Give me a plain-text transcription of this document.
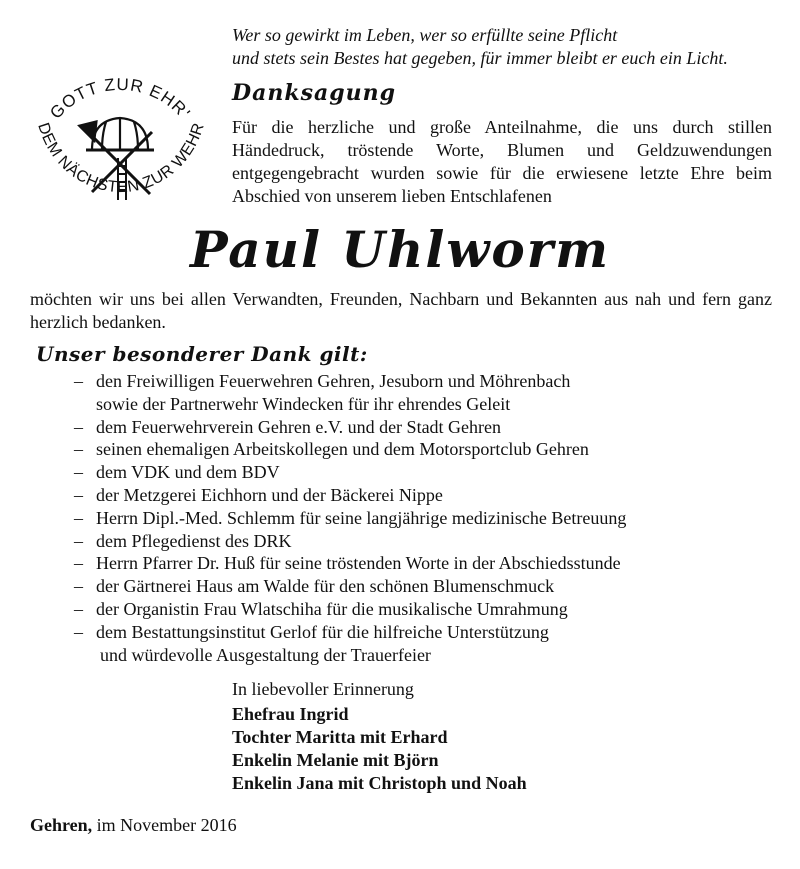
GOTT ZUR EHR'
DEM NÄCHSTEN ZUR WEHR
Wer so gewirkt im Leben, wer so erfüllte seine Pflicht
und stets sein Bestes hat gegeben, für immer bleibt er euch ein Licht.
Danksagung

Für die herzliche und große Anteilnahme, die uns durch stillen Händedruck, tröstende Worte, Blumen und Geldzuwendungen entgegengebracht wurden sowie für die erwiesene letzte Ehre beim Abschied von unserem lieben Entschlafenen

Paul Uhlworm
möchten wir uns bei allen Verwandten, Freunden, Nachbarn und Bekannten aus nah und fern ganz herzlich bedanken.
Unser besonderer Dank gilt:
– den Freiwilligen Feuerwehren Gehren, Jesuborn und Möhrenbach
sowie der Partnerwehr Windecken für ihr ehrendes Geleit
– dem Feuerwehrverein Gehren e.V. und der Stadt Gehren
– seinen ehemaligen Arbeitskollegen und dem Motorsportclub Gehren
– dem VDK und dem BDV
– der Metzgerei Eichhorn und der Bäckerei Nippe
– Herrn Dipl.-Med. Schlemm für seine langjährige medizinische Betreuung
– dem Pflegedienst des DRK
– Herrn Pfarrer Dr. Huß für seine tröstenden Worte in der Abschiedsstunde
– der Gärtnerei Haus am Walde für den schönen Blumenschmuck
– der Organistin Frau Wlatschiha für die musikalische Umrahmung
– dem Bestattungsinstitut Gerlof für die hilfreiche Unterstützung
und würdevolle Ausgestaltung der Trauerfeier
In liebevoller Erinnerung
Ehefrau Ingrid
Tochter Maritta mit Erhard
Enkelin Melanie mit Björn
Enkelin Jana mit Christoph und Noah
Gehren, im November 2016
